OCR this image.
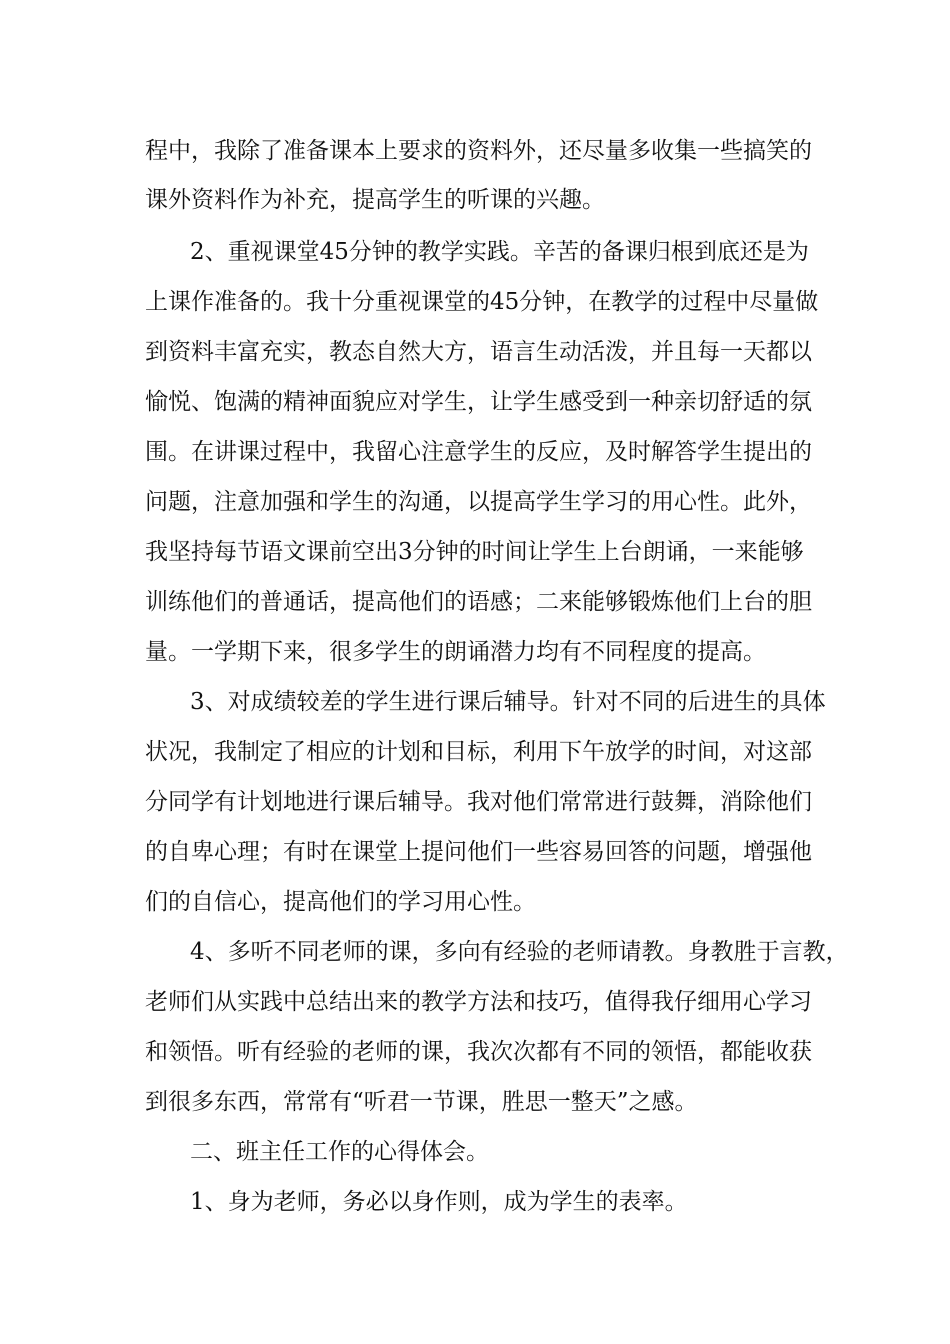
程中，我除了准备课本上要求的资料外，还尽量多收集一些搞笑的

课外资料作为补充，提高学生的听课的兴趣。

2、重视课堂45分钟的教学实践。辛苦的备课归根到底还是为

上课作准备的。我十分重视课堂的45分钟，在教学的过程中尽量做

到资料丰富充实，教态自然大方，语言生动活泼，并且每一天都以

愉悦、饱满的精神面貌应对学生，让学生感受到一种亲切舒适的氛

围。在讲课过程中，我留心注意学生的反应，及时解答学生提出的

问题，注意加强和学生的沟通，以提高学生学习的用心性。此外，

我坚持每节语文课前空出3分钟的时间让学生上台朗诵，一来能够

训练他们的普通话，提高他们的语感；二来能够锻炼他们上台的胆

量。一学期下来，很多学生的朗诵潜力均有不同程度的提高。

3、对成绩较差的学生进行课后辅导。针对不同的后进生的具体

状况，我制定了相应的计划和目标，利用下午放学的时间，对这部

分同学有计划地进行课后辅导。我对他们常常进行鼓舞，消除他们

的自卑心理；有时在课堂上提问他们一些容易回答的问题，增强他

们的自信心，提高他们的学习用心性。

4、多听不同老师的课，多向有经验的老师请教。身教胜于言教，

老师们从实践中总结出来的教学方法和技巧，值得我仔细用心学习

和领悟。听有经验的老师的课，我次次都有不同的领悟，都能收获

到很多东西，常常有“听君一节课，胜思一整天”之感。

二、班主任工作的心得体会。

1、身为老师，务必以身作则，成为学生的表率。
